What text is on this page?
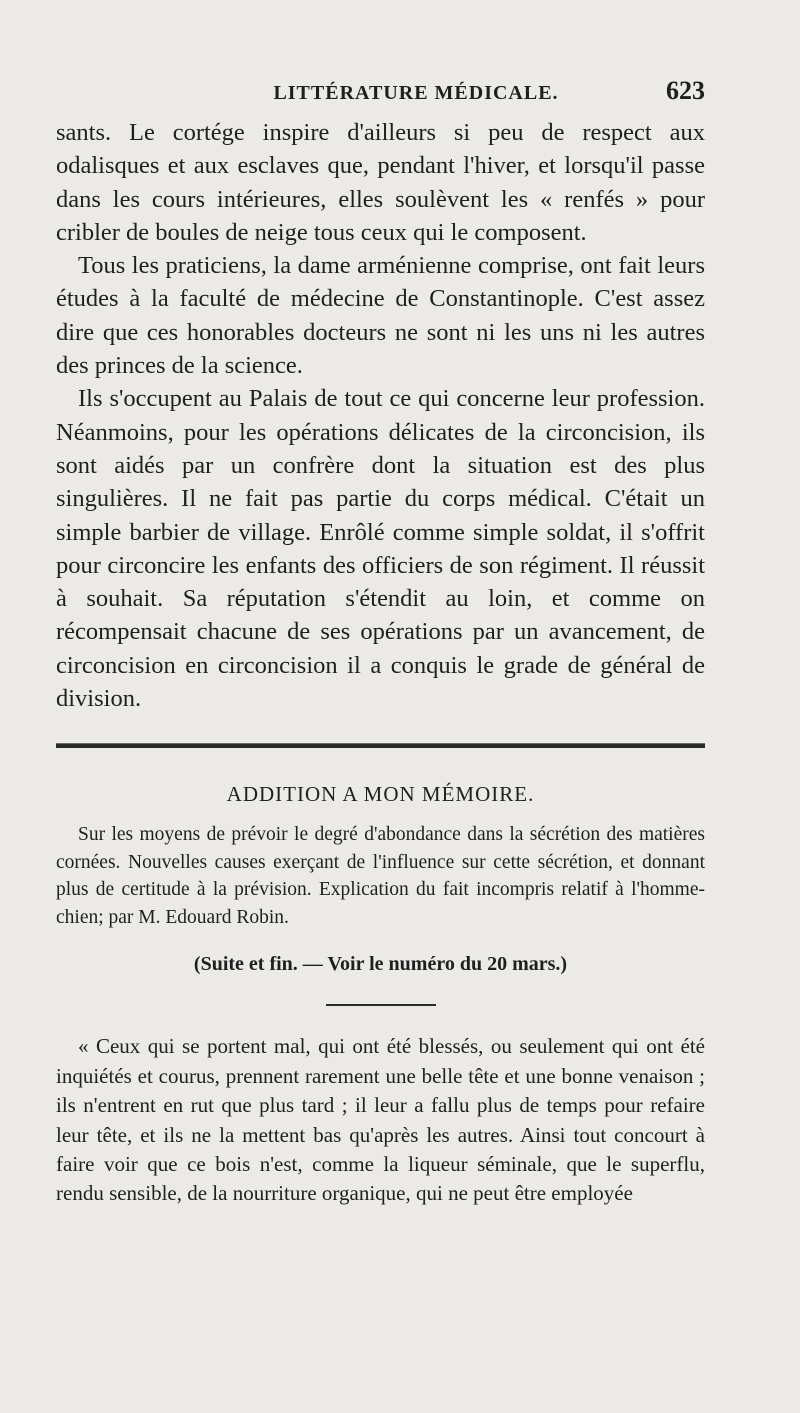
LITTÉRATURE MÉDICALE.	623

sants. Le cortége inspire d'ailleurs si peu de respect aux odalisques et aux esclaves que, pendant l'hiver, et lorsqu'il passe dans les cours intérieures, elles soulèvent les « renfés » pour cribler de boules de neige tous ceux qui le composent.

Tous les praticiens, la dame arménienne comprise, ont fait leurs études à la faculté de médecine de Constantinople. C'est assez dire que ces honorables docteurs ne sont ni les uns ni les autres des princes de la science.

Ils s'occupent au Palais de tout ce qui concerne leur profession. Néanmoins, pour les opérations délicates de la circoncision, ils sont aidés par un confrère dont la situation est des plus singulières. Il ne fait pas partie du corps médical. C'était un simple barbier de village. Enrôlé comme simple soldat, il s'offrit pour circoncire les enfants des officiers de son régiment. Il réussit à souhait. Sa réputation s'étendit au loin, et comme on récompensait chacune de ses opérations par un avancement, de circoncision en circoncision il a conquis le grade de général de division.

ADDITION A MON MÉMOIRE.

Sur les moyens de prévoir le degré d'abondance dans la sécrétion des matières cornées. Nouvelles causes exerçant de l'influence sur cette sécrétion, et donnant plus de certitude à la prévision. Explication du fait incompris relatif à l'homme-chien; par M. Edouard Robin.

(Suite et fin. — Voir le numéro du 20 mars.)

« Ceux qui se portent mal, qui ont été blessés, ou seulement qui ont été inquiétés et courus, prennent rarement une belle tête et une bonne venaison ; ils n'entrent en rut que plus tard ; il leur a fallu plus de temps pour refaire leur tête, et ils ne la mettent bas qu'après les autres. Ainsi tout concourt à faire voir que ce bois n'est, comme la liqueur séminale, que le superflu, rendu sensible, de la nourriture organique, qui ne peut être employée
